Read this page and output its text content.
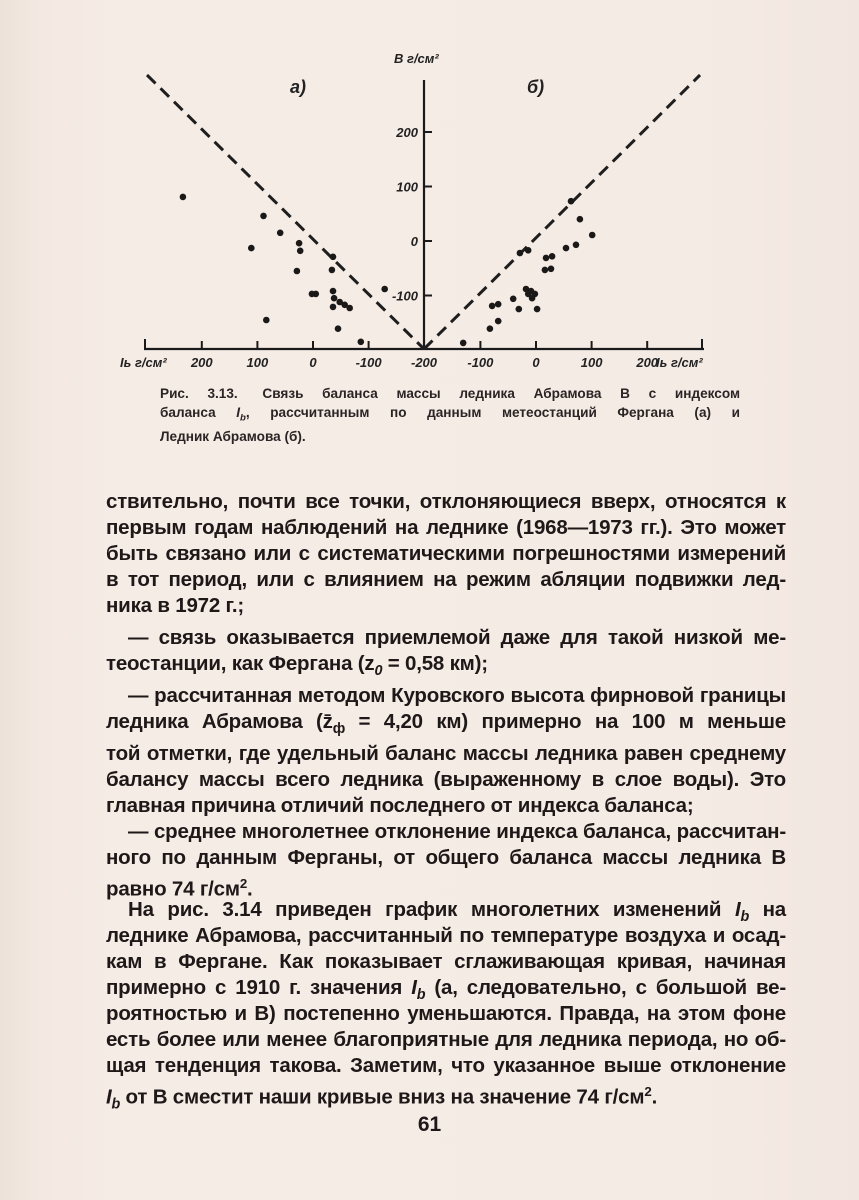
200
100
0
-100
200	100	0	-100 -200 -100	0	100	200
В г/см²
а)	б)
Iь г/см²	Iь г/см²
Рис. 3.13. Связь баланса массы ледника Абрамова В с индексом
баланса $I_b$, рассчитанным по данным метеостанций Фергана (а) и
Ледник Абрамова (б).
ствительно, почти все точки, отклоняющиеся вверх, относятся к
первым годам наблюдений на леднике (1968—1973 гг.). Это может
быть связано или с систематическими погрешностями измерений
в тот период, или с влиянием на режим абляции подвижки лед-
ника в 1972 г.;
— связь оказывается приемлемой даже для такой низкой ме-
теостанции, как Фергана ($z_0 = 0,58$ км);
— рассчитанная методом Куровского высота фирновой границы
ледника Абрамова ($z̄_ф = 4,20$ км) примерно на 100 м меньше
той отметки, где удельный баланс массы ледника равен среднему
балансу массы всего ледника (выраженному в слое воды). Это
главная причина отличий последнего от индекса баланса;
— среднее многолетнее отклонение индекса баланса, рассчитан-
ного по данным Ферганы, от общего баланса массы ледника В
равно 74 $г/см^2$.
На рис. 3.14 приведен график многолетних изменений $I_b$ на
леднике Абрамова, рассчитанный по температуре воздуха и осад-
кам в Фергане. Как показывает сглаживающая кривая, начиная
примерно с 1910 г. значения $I_b$ (а, следовательно, с большой ве-
роятностью и В) постепенно уменьшаются. Правда, на этом фоне
есть более или менее благоприятные для ледника периода, но об-
щая тенденция такова. Заметим, что указанное выше отклонение
$I_b$ от В сместит наши кривые вниз на значение 74 $г/см^2$.
61
